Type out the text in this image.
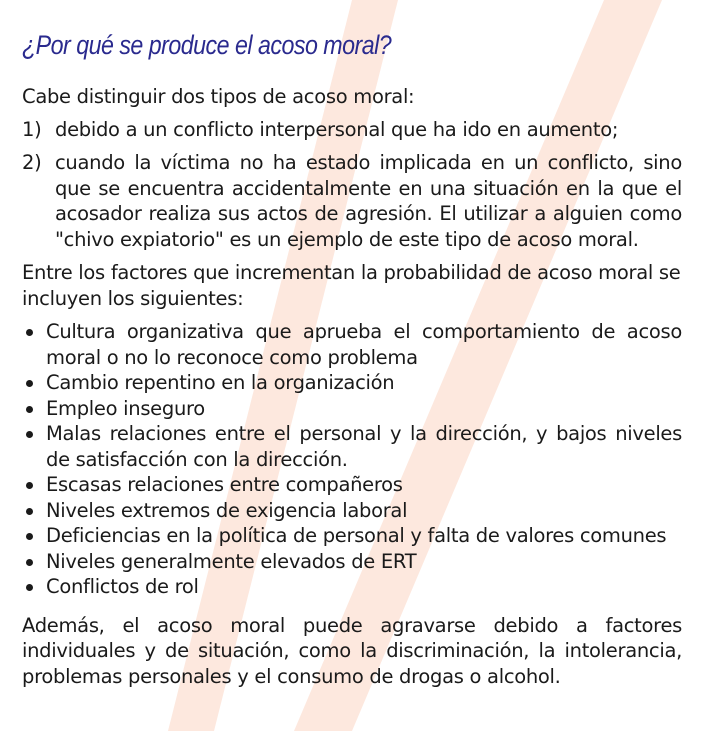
¿Por qué se produce el acoso moral?

Cabe distinguir dos tipos de acoso moral:

1) debido a un conflicto interpersonal que ha ido en aumento;
2) cuando la víctima no ha estado implicada en un conflicto, sino que se encuentra accidentalmente en una situación en la que el acosador realiza sus actos de agresión. El utilizar a alguien como "chivo expiatorio" es un ejemplo de este tipo de acoso moral.

Entre los factores que incrementan la probabilidad de acoso moral se incluyen los siguientes:

Cultura organizativa que aprueba el comportamiento de acoso moral o no lo reconoce como problema
Cambio repentino en la organización
Empleo inseguro
Malas relaciones entre el personal y la dirección, y bajos niveles de satisfacción con la dirección.
Escasas relaciones entre compañeros
Niveles extremos de exigencia laboral
Deficiencias en la política de personal y falta de valores comunes
Niveles generalmente elevados de ERT
Conflictos de rol

Además, el acoso moral puede agravarse debido a factores individuales y de situación, como la discriminación, la intolerancia, problemas personales y el consumo de drogas o alcohol.
